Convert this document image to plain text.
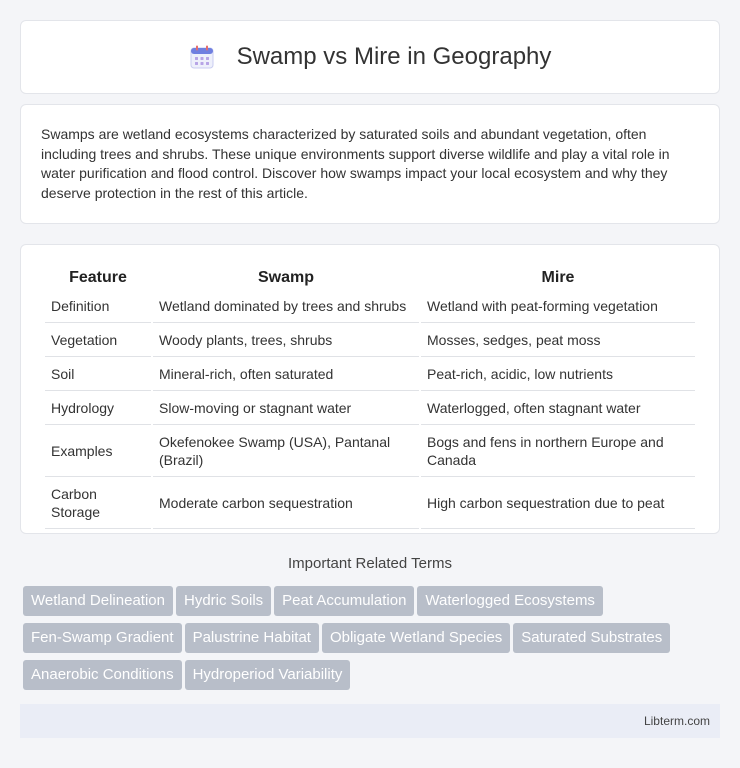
Swamp vs Mire in Geography

Swamps are wetland ecosystems characterized by saturated soils and abundant vegetation, often including trees and shrubs. These unique environments support diverse wildlife and play a vital role in water purification and flood control. Discover how swamps impact your local ecosystem and why they deserve protection in the rest of this article.

Feature	Swamp	Mire
Definition	Wetland dominated by trees and shrubs	Wetland with peat-forming vegetation
Vegetation	Woody plants, trees, shrubs	Mosses, sedges, peat moss
Soil	Mineral-rich, often saturated	Peat-rich, acidic, low nutrients
Hydrology	Slow-moving or stagnant water	Waterlogged, often stagnant water
Examples	Okefenokee Swamp (USA), Pantanal (Brazil)	Bogs and fens in northern Europe and Canada
Carbon Storage	Moderate carbon sequestration	High carbon sequestration due to peat
Important Related Terms
Wetland Delineation Hydric Soils Peat Accumulation Waterlogged Ecosystems
Fen-Swamp Gradient Palustrine Habitat Obligate Wetland Species Saturated Substrates
Anaerobic Conditions Hydroperiod Variability
Libterm.com
